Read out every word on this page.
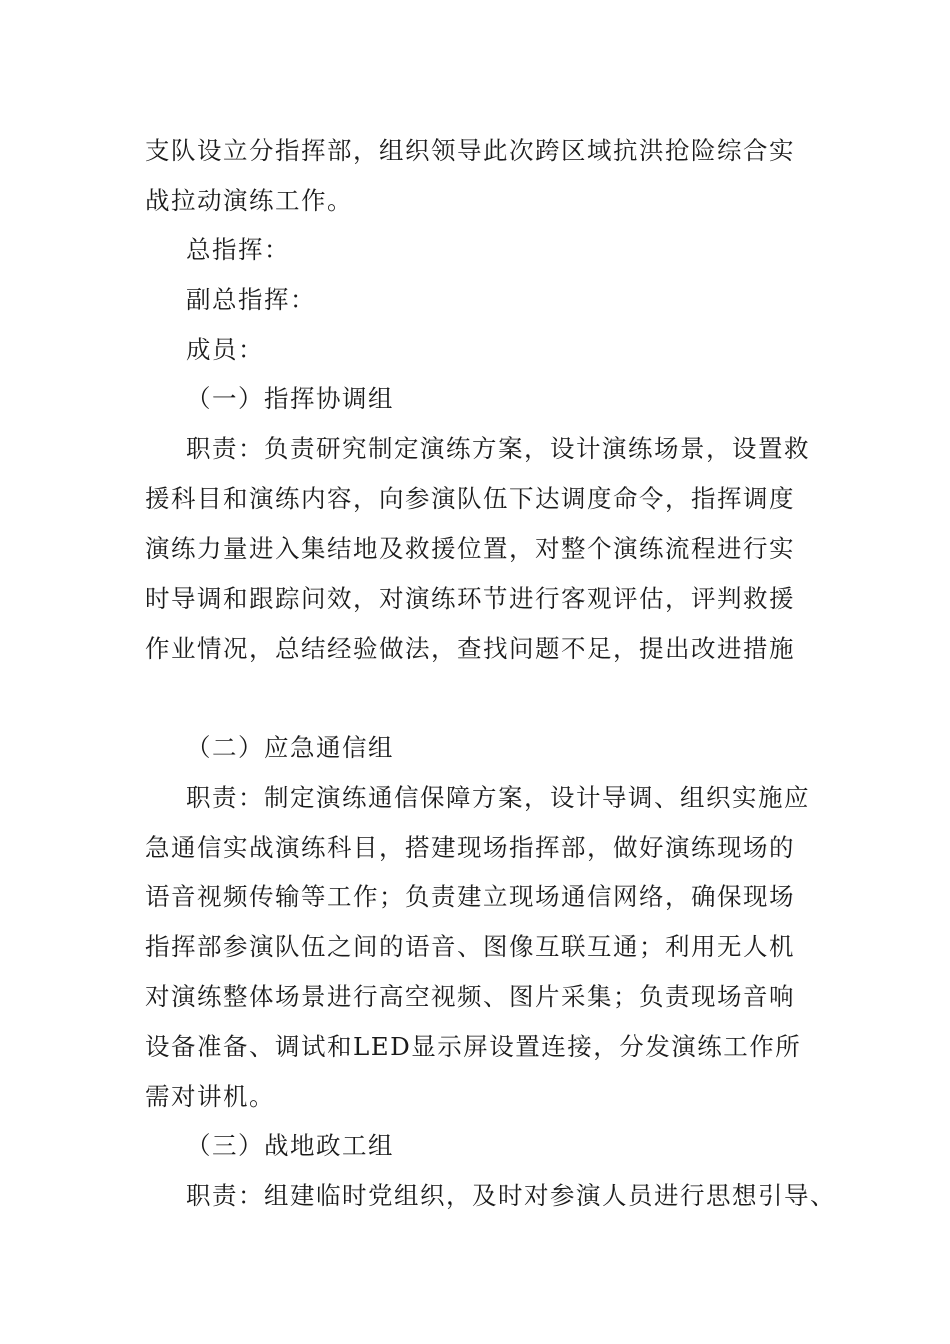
支队设立分指挥部，组织领导此次跨区域抗洪抢险综合实
战拉动演练工作。
总指挥：
副总指挥：
成员：
（一）指挥协调组
职责：负责研究制定演练方案，设计演练场景，设置救
援科目和演练内容，向参演队伍下达调度命令，指挥调度
演练力量进入集结地及救援位置，对整个演练流程进行实
时导调和跟踪问效，对演练环节进行客观评估，评判救援
作业情况，总结经验做法，查找问题不足，提出改进措施
（二）应急通信组
职责：制定演练通信保障方案，设计导调、组织实施应
急通信实战演练科目，搭建现场指挥部，做好演练现场的
语音视频传输等工作；负责建立现场通信网络，确保现场
指挥部参演队伍之间的语音、图像互联互通；利用无人机
对演练整体场景进行高空视频、图片采集；负责现场音响
设备准备、调试和LED显示屏设置连接，分发演练工作所
需对讲机。
（三）战地政工组
职责：组建临时党组织，及时对参演人员进行思想引导、
